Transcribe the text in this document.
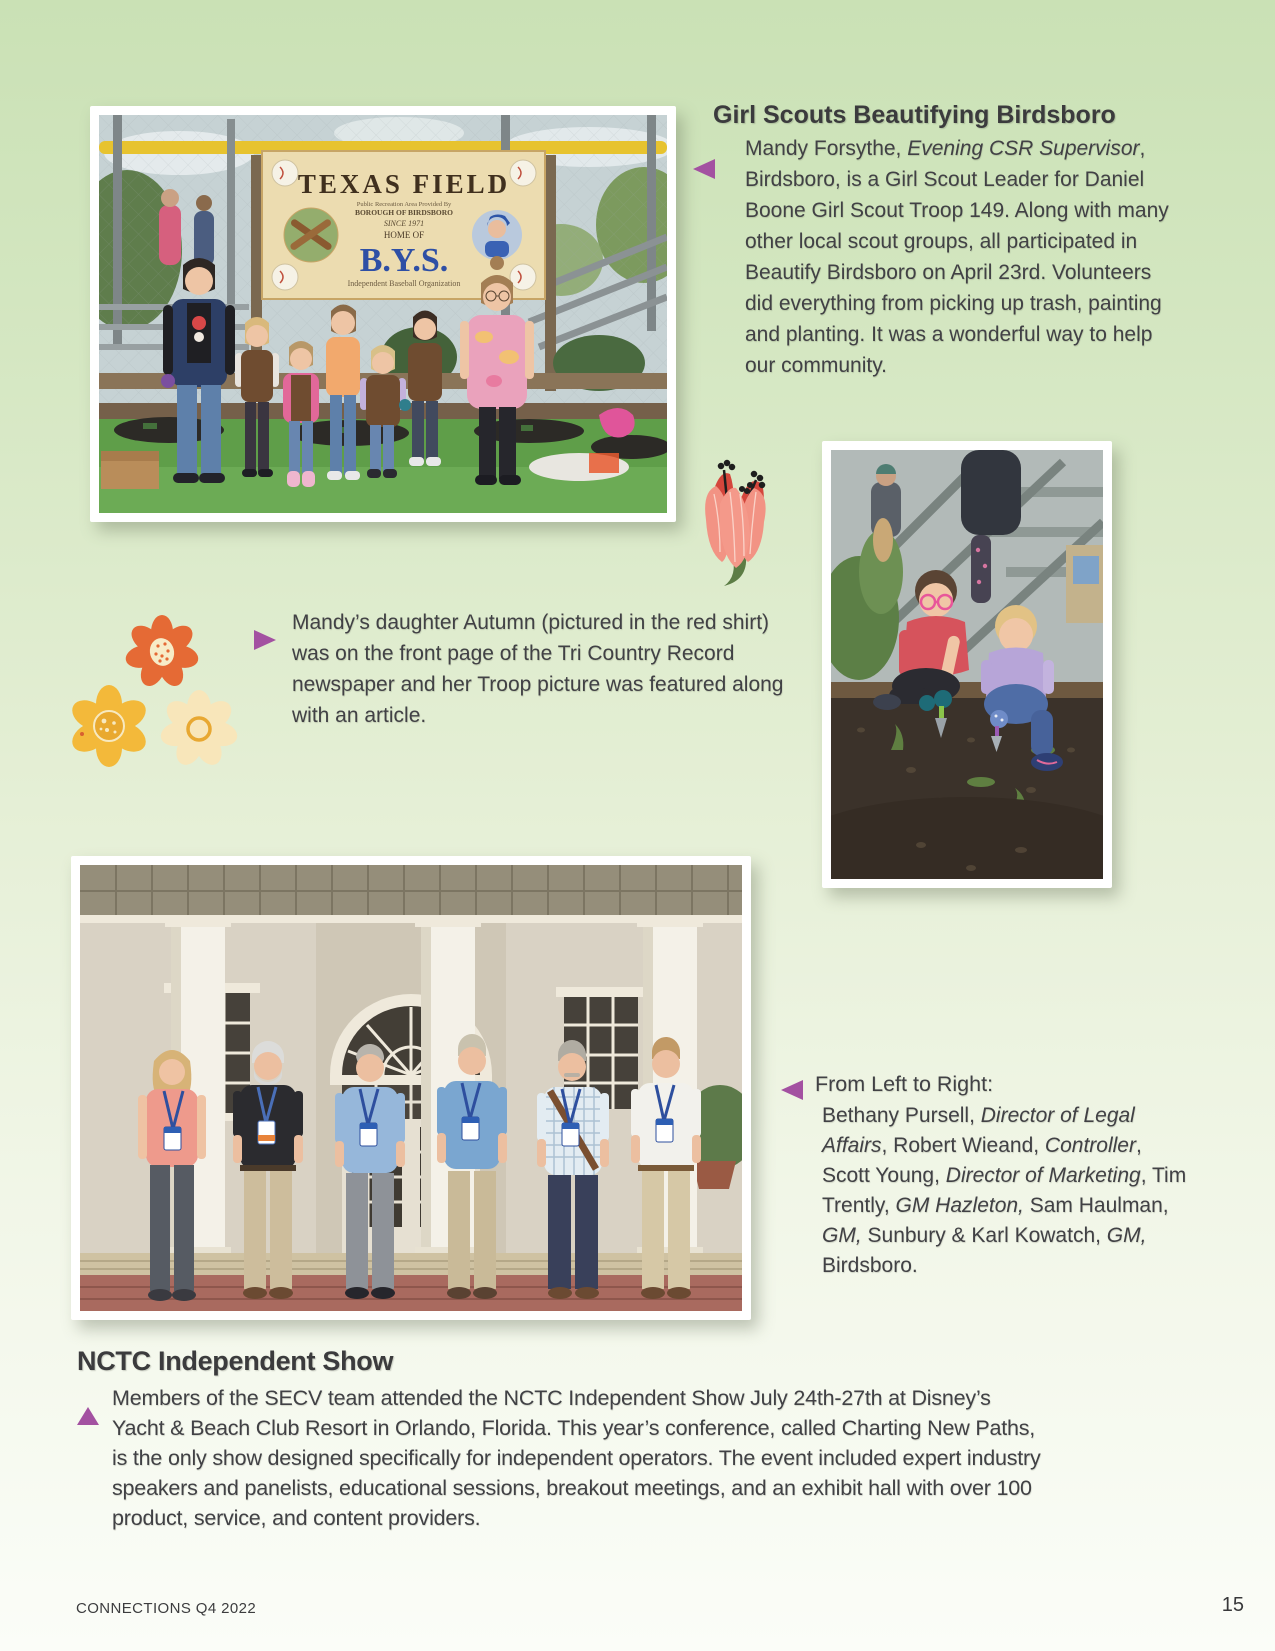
TEXAS FIELD
Public Recreation Area Provided By
BOROUGH OF BIRDSBORO
SINCE 1971
HOME OF
B.Y.S.
Independent Baseball Organization
Girl Scouts Beautifying Birdsboro

Mandy Forsythe, Evening CSR Supervisor, Birdsboro, is a Girl Scout Leader for Daniel Boone Girl Scout Troop 149. Along with many other local scout groups, all participated in Beautify Birdsboro on April 23rd. Volunteers did everything from picking up trash, painting and planting. It was a wonderful way to help our community.

Mandy’s daughter Autumn (pictured in the red shirt) was on the front page of the Tri Country Record newspaper and her Troop picture was featured along with an article.

From Left to Right:

Bethany Pursell, Director of Legal Affairs, Robert Wieand, Controller, Scott Young, Director of Marketing, Tim Trently, GM Hazleton, Sam Haulman, GM, Sunbury & Karl Kowatch, GM, Birdsboro.

NCTC Independent Show

Members of the SECV team attended the NCTC Independent Show July 24th-27th at Disney’s Yacht & Beach Club Resort in Orlando, Florida. This year’s conference, called Charting New Paths, is the only show designed specifically for independent operators. The event included expert industry speakers and panelists, educational sessions, breakout meetings, and an exhibit hall with over 100 product, service, and content providers.

CONNECTIONS Q4 2022	15
